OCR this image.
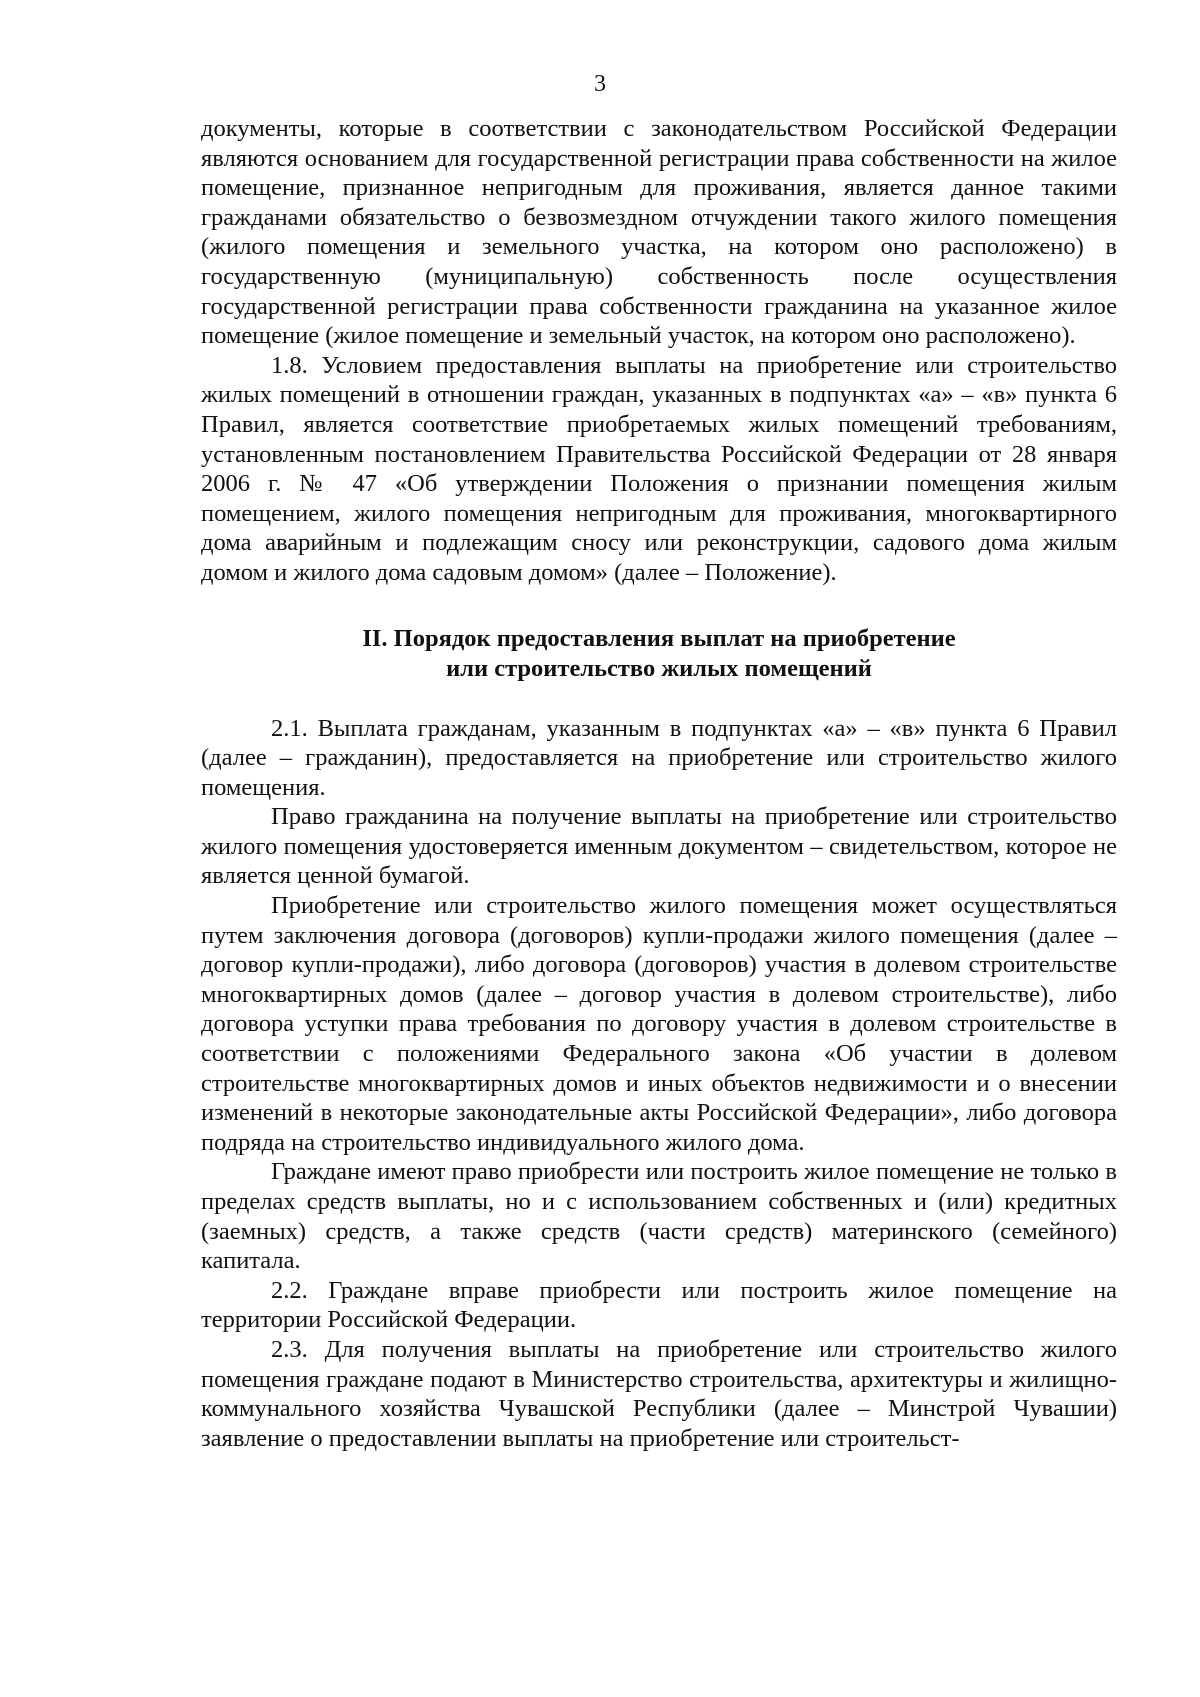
3

документы, которые в соответствии с законодательством Российской Федерации являются основанием для государственной регистрации права собственности на жилое помещение, признанное непригодным для проживания, является данное такими гражданами обязательство о безвозмездном отчуждении такого жилого помещения (жилого помещения и земельного участка, на котором оно расположено) в государственную (муниципальную) собственность после осуществления государственной регистрации права собственности гражданина на указанное жилое помещение (жилое помещение и земельный участок, на котором оно расположено).

1.8. Условием предоставления выплаты на приобретение или строительство жилых помещений в отношении граждан, указанных в подпунктах «а» – «в» пункта 6 Правил, является соответствие приобретаемых жилых помещений требованиям, установленным постановлением Правительства Российской Федерации от 28 января 2006 г. № 47 «Об утверждении Положения о признании помещения жилым помещением, жилого помещения непригодным для проживания, многоквартирного дома аварийным и подлежащим сносу или реконструкции, садового дома жилым домом и жилого дома садовым домом» (далее – Положение).

II. Порядок предоставления выплат на приобретение
или строительство жилых помещений

2.1. Выплата гражданам, указанным в подпунктах «а» – «в» пункта 6 Правил (далее – гражданин), предоставляется на приобретение или строительство жилого помещения.

Право гражданина на получение выплаты на приобретение или строительство жилого помещения удостоверяется именным документом – свидетельством, которое не является ценной бумагой.

Приобретение или строительство жилого помещения может осуществляться путем заключения договора (договоров) купли-продажи жилого помещения (далее – договор купли-продажи), либо договора (договоров) участия в долевом строительстве многоквартирных домов (далее – договор участия в долевом строительстве), либо договора уступки права требования по договору участия в долевом строительстве в соответствии с положениями Федерального закона «Об участии в долевом строительстве многоквартирных домов и иных объектов недвижимости и о внесении изменений в некоторые законодательные акты Российской Федерации», либо договора подряда на строительство индивидуального жилого дома.

Граждане имеют право приобрести или построить жилое помещение не только в пределах средств выплаты, но и с использованием собственных и (или) кредитных (заемных) средств, а также средств (части средств) материнского (семейного) капитала.

2.2. Граждане вправе приобрести или построить жилое помещение на территории Российской Федерации.

2.3. Для получения выплаты на приобретение или строительство жилого помещения граждане подают в Министерство строительства, архитектуры и жилищно-коммунального хозяйства Чувашской Республики (далее – Минстрой Чувашии) заявление о предоставлении выплаты на приобретение или строительст-
